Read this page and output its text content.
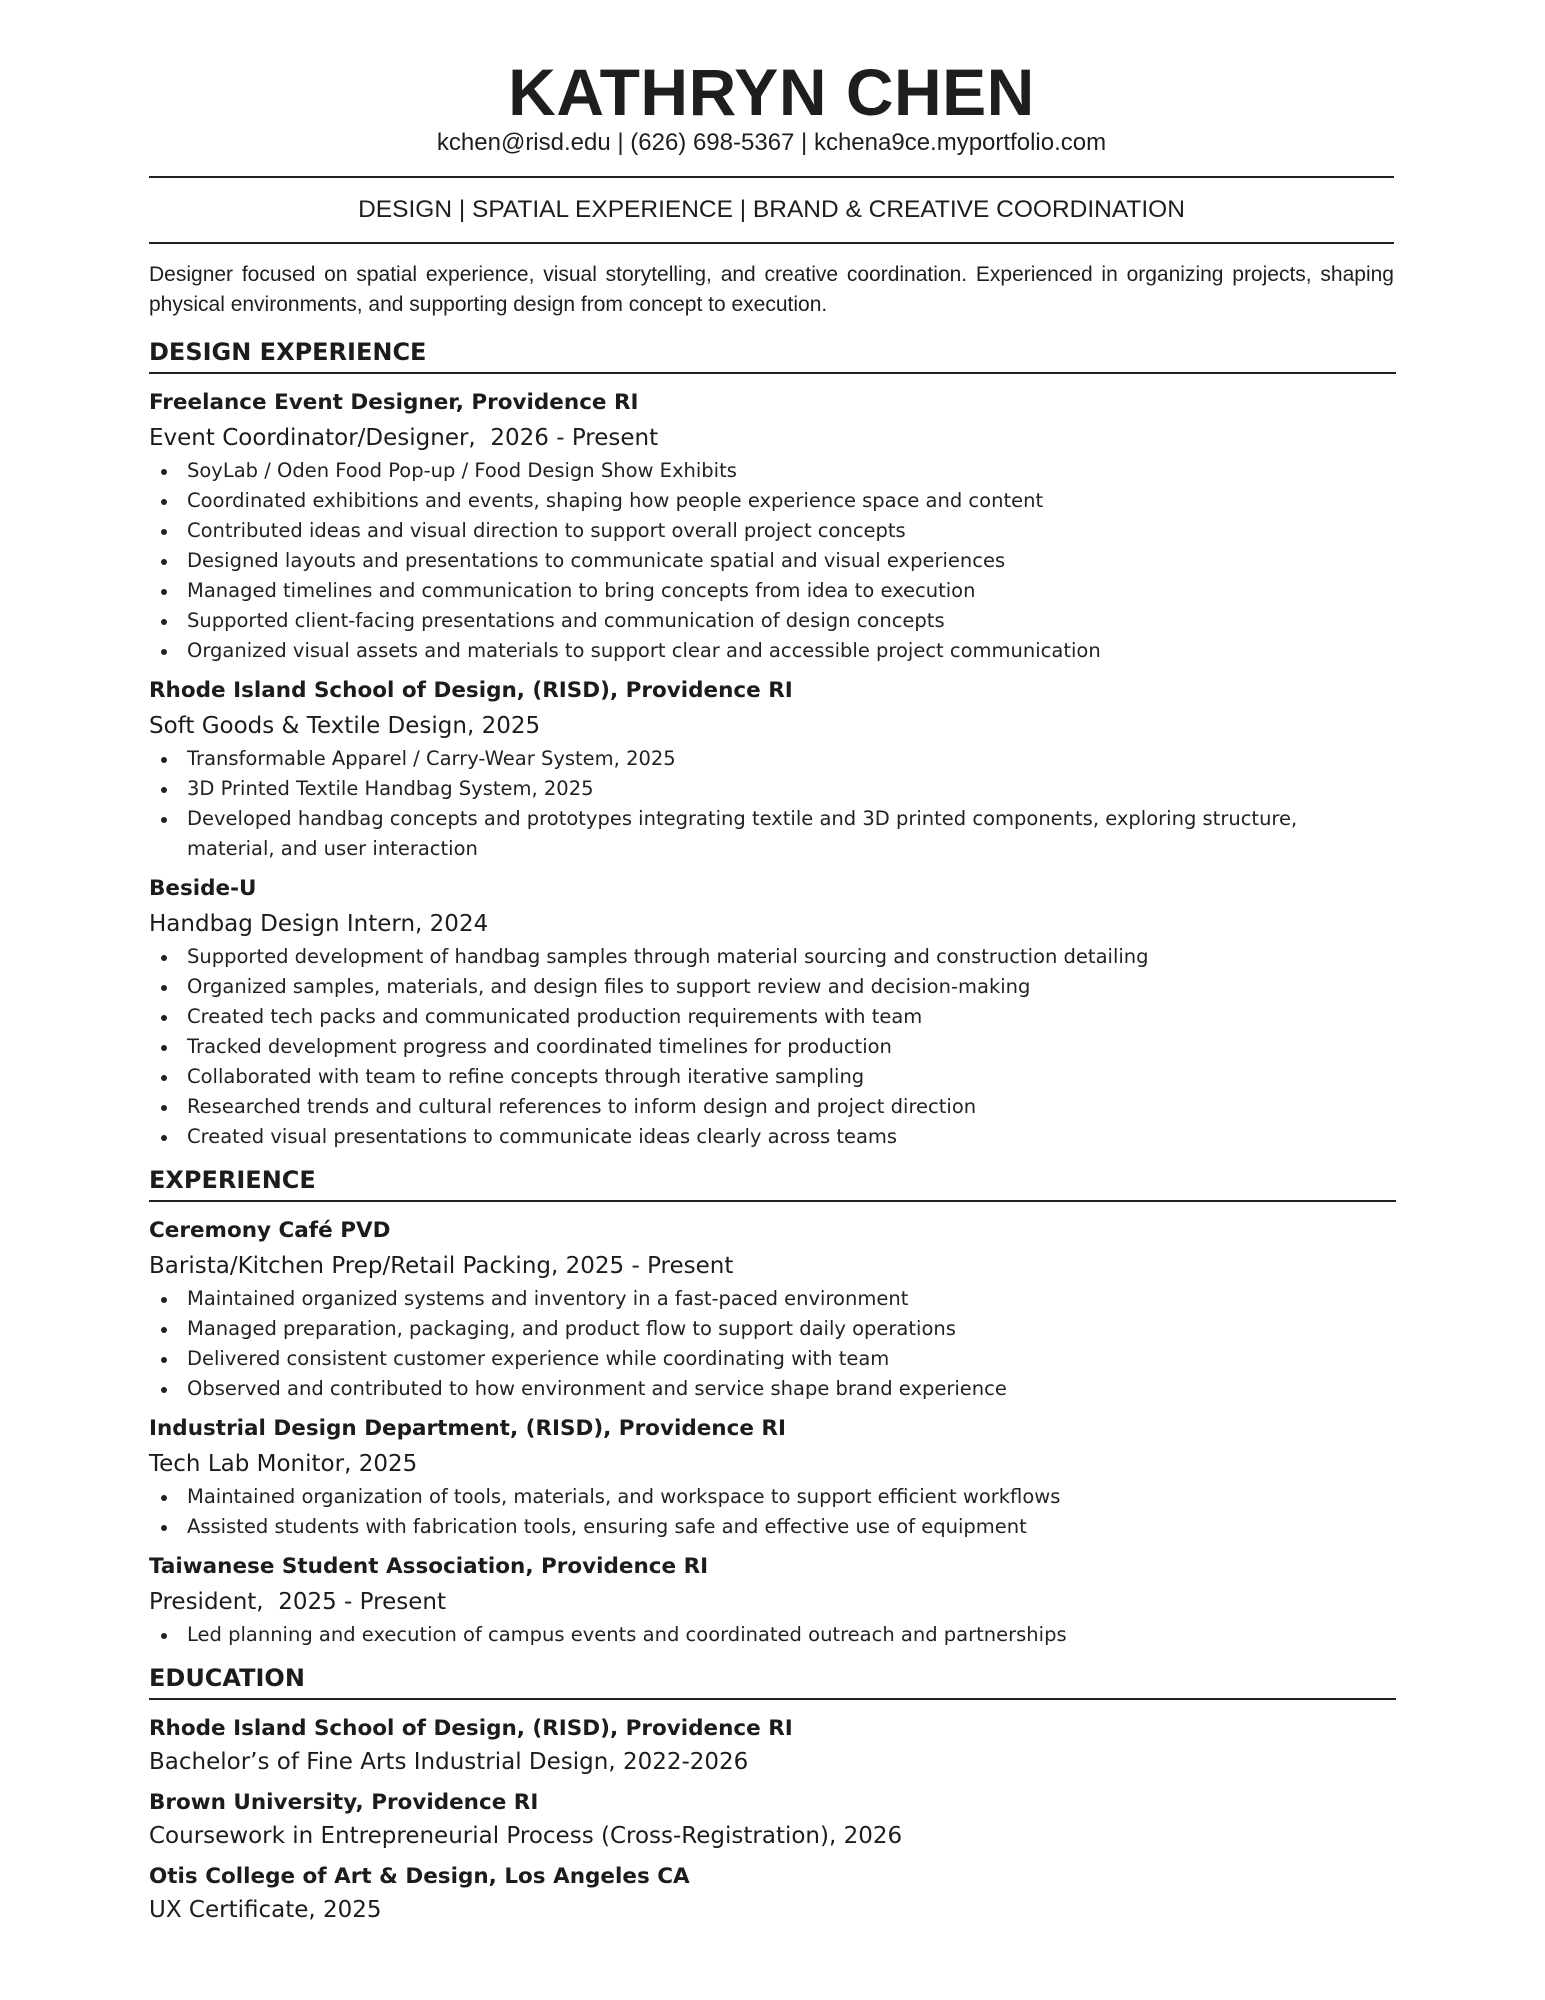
KATHRYN CHEN
kchen@risd.edu | (626) 698-5367 | kchena9ce.myportfolio.com
DESIGN | SPATIAL EXPERIENCE | BRAND & CREATIVE COORDINATION
Designer focused on spatial experience, visual storytelling, and creative coordination. Experienced in organizing projects, shaping physical environments, and supporting design from concept to execution.
DESIGN EXPERIENCE
Freelance Event Designer, Providence RI
Event Coordinator/Designer,  2026 - Present
SoyLab / Oden Food Pop-up / Food Design Show Exhibits
Coordinated exhibitions and events, shaping how people experience space and content
Contributed ideas and visual direction to support overall project concepts
Designed layouts and presentations to communicate spatial and visual experiences
Managed timelines and communication to bring concepts from idea to execution
Supported client-facing presentations and communication of design concepts
Organized visual assets and materials to support clear and accessible project communication
Rhode Island School of Design, (RISD), Providence RI
Soft Goods & Textile Design, 2025
Transformable Apparel / Carry-Wear System, 2025
3D Printed Textile Handbag System, 2025
Developed handbag concepts and prototypes integrating textile and 3D printed components, exploring structure, material, and user interaction
Beside-U
Handbag Design Intern, 2024
Supported development of handbag samples through material sourcing and construction detailing
Organized samples, materials, and design files to support review and decision-making
Created tech packs and communicated production requirements with team
Tracked development progress and coordinated timelines for production
Collaborated with team to refine concepts through iterative sampling
Researched trends and cultural references to inform design and project direction
Created visual presentations to communicate ideas clearly across teams
EXPERIENCE
Ceremony Café PVD
Barista/Kitchen Prep/Retail Packing, 2025 - Present
Maintained organized systems and inventory in a fast-paced environment
Managed preparation, packaging, and product flow to support daily operations
Delivered consistent customer experience while coordinating with team
Observed and contributed to how environment and service shape brand experience
Industrial Design Department, (RISD), Providence RI
Tech Lab Monitor, 2025
Maintained organization of tools, materials, and workspace to support efficient workflows
Assisted students with fabrication tools, ensuring safe and effective use of equipment
Taiwanese Student Association, Providence RI
President,  2025 - Present
Led planning and execution of campus events and coordinated outreach and partnerships
EDUCATION
Rhode Island School of Design, (RISD), Providence RI
Bachelor’s of Fine Arts Industrial Design, 2022-2026
Brown University, Providence RI
Coursework in Entrepreneurial Process (Cross-Registration), 2026
Otis College of Art & Design, Los Angeles CA
UX Certificate, 2025
